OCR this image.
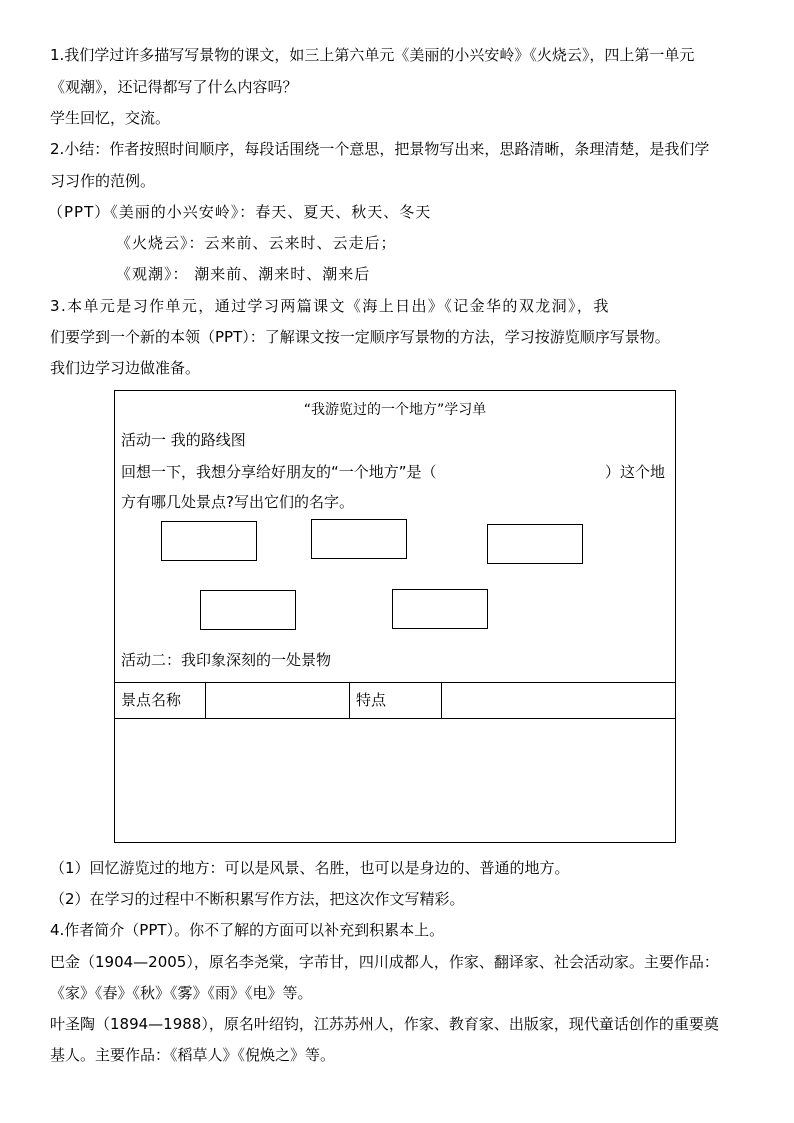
1.我们学过许多描写写景物的课文，如三上第六单元《美丽的小兴安岭》《火烧云》，四上第一单元
《观潮》，还记得都写了什么内容吗？
学生回忆，交流。
2.小结：作者按照时间顺序，每段话围绕一个意思，把景物写出来，思路清晰，条理清楚，是我们学
习习作的范例。
（PPT）《美丽的小兴安岭》：春天、夏天、秋天、冬天
《火烧云》：云来前、云来时、云走后；
《观潮》： 潮来前、潮来时、潮来后
3.本单元是习作单元，通过学习两篇课文《海上日出》《记金华的双龙洞》，我
们要学到一个新的本领（PPT）：了解课文按一定顺序写景物的方法，学习按游览顺序写景物。
我们边学习边做准备。
“我游览过的一个地方”学习单
活动一 我的路线图
回想一下，我想分享给好朋友的“一个地方”是（	）这个地
方有哪几处景点?写出它们的名字。
活动二：我印象深刻的一处景物
景点名称	特点
（1）回忆游览过的地方：可以是风景、名胜，也可以是身边的、普通的地方。
（2）在学习的过程中不断积累写作方法，把这次作文写精彩。
4.作者简介（PPT）。你不了解的方面可以补充到积累本上。
巴金（1904—2005），原名李尧棠，字芾甘，四川成都人，作家、翻译家、社会活动家。主要作品：
《家》《春》《秋》《雾》《雨》《电》等。
叶圣陶（1894—1988），原名叶绍钧，江苏苏州人，作家、教育家、出版家，现代童话创作的重要奠
基人。主要作品：《稻草人》《倪焕之》等。
